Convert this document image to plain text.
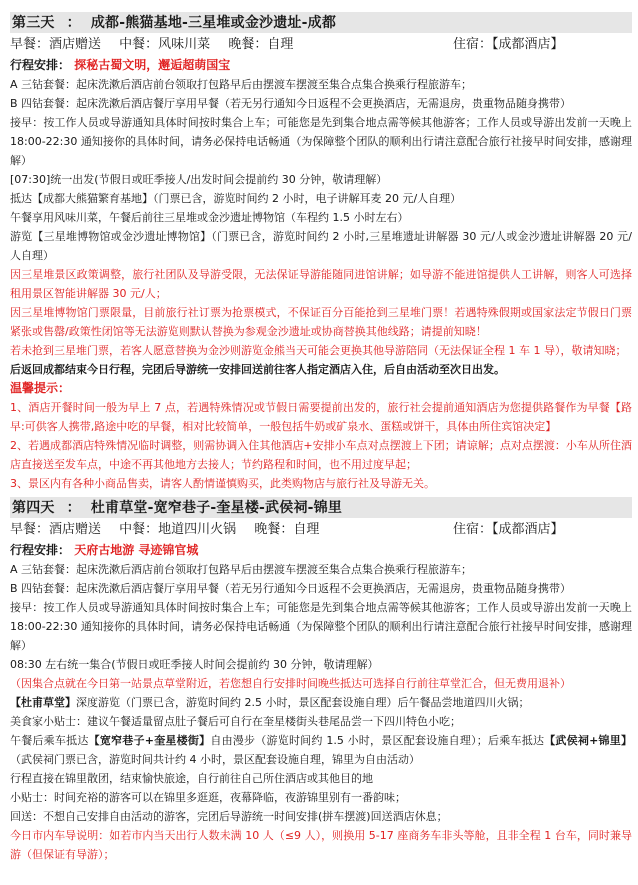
第三天 ： 成都-熊猫基地-三星堆或金沙遗址-成都
早餐：酒店赠送 中餐：风味川菜 晚餐：自理	住宿：【成都酒店】
行程安排： 探秘古蜀文明，邂逅超萌国宝
A 三钻套餐：起床洗漱后酒店前台领取打包路早后由摆渡车摆渡至集合点集合换乘行程旅游车；
B 四钻套餐：起床洗漱后酒店餐厅享用早餐（若无另行通知今日返程不会更换酒店，无需退房，贵重物品随身携带）
接早：按工作人员或导游通知具体时间按时集合上车；可能您是先到集合地点需等候其他游客；工作人员或导游出发前一天晚上 18:00-22:30 通知接你的具体时间，请务必保持电话畅通（为保障整个团队的顺利出行请注意配合旅行社接早时间安排，感谢理解）
[07:30]统一出发(节假日或旺季接人/出发时间会提前约 30 分钟，敬请理解）
抵达【成都大熊猫繁育基地】（门票已含，游览时间约 2 小时，电子讲解耳麦 20 元/人自理）
午餐享用风味川菜，午餐后前往三星堆或金沙遗址博物馆（车程约 1.5 小时左右）
游览【三星堆博物馆或金沙遗址博物馆】（门票已含，游览时间约 2 小时,三星堆遗址讲解器 30 元/人或金沙遗址讲解器 20 元/人自理）
因三星堆景区政策调整，旅行社团队及导游受限，无法保证导游能随同进馆讲解；如导游不能进馆提供人工讲解，则客人可选择租用景区智能讲解器 30 元/人；
因三星堆博物馆门票限量，目前旅行社订票为抢票模式，不保证百分百能抢到三星堆门票！若遇特殊假期或国家法定节假日门票紧张或售罄/政策性闭馆等无法游览则默认替换为参观金沙遗址或协商替换其他线路；请提前知晓！
若未抢到三星堆门票，若客人愿意替换为金沙则游览金熊当天可能会更换其他导游陪同（无法保证全程 1 车 1 导），敬请知晓；
后返回成都结束今日行程，完团后导游统一安排回送前往客人指定酒店入住，后自由活动至次日出发。
温馨提示：
1、酒店开餐时间一般为早上 7 点，若遇特殊情况或节假日需要提前出发的，旅行社会提前通知酒店为您提供路餐作为早餐【路早:可供客人携带,路途中吃的早餐，相对比较简单，一般包括牛奶或矿泉水、蛋糕或饼干，具体由所住宾馆决定】
2、若遇成都酒店特殊情况临时调整，则需协调入住其他酒店+安排小车点对点摆渡上下团；请谅解；点对点摆渡：小车从所住酒店直接送至发车点，中途不再其他地方去接人；节约路程和时间，也不用过度早起；
3、景区内有各种小商品售卖，请客人酌情谨慎购买，此类购物店与旅行社及导游无关。
第四天 ： 杜甫草堂-宽窄巷子-奎星楼-武侯祠-锦里
早餐：酒店赠送 中餐：地道四川火锅 晚餐：自理	住宿：【成都酒店】
行程安排： 天府古地游 寻迹锦官城
A 三钻套餐：起床洗漱后酒店前台领取打包路早后由摆渡车摆渡至集合点集合换乘行程旅游车；
B 四钻套餐：起床洗漱后酒店餐厅享用早餐（若无另行通知今日返程不会更换酒店，无需退房，贵重物品随身携带）
接早：按工作人员或导游通知具体时间按时集合上车；可能您是先到集合地点需等候其他游客；工作人员或导游出发前一天晚上 18:00-22:30 通知接你的具体时间，请务必保持电话畅通（为保障整个团队的顺利出行请注意配合旅行社接早时间安排，感谢理解）
08:30 左右统一集合(节假日或旺季接人时间会提前约 30 分钟，敬请理解）
（因集合点就在今日第一站景点草堂附近，若您想自行安排时间晚些抵达可选择自行前往草堂汇合，但无费用退补）
【杜甫草堂】深度游览（门票已含，游览时间约 2.5 小时，景区配套设施自理）后午餐品尝地道四川火锅；
美食家小贴士：建议午餐适量留点肚子餐后可自行在奎星楼街头巷尾品尝一下四川特色小吃；
午餐后乘车抵达【宽窄巷子+奎星楼街】自由漫步（游览时间约 1.5 小时，景区配套设施自理）；后乘车抵达【武侯祠+锦里】（武侯祠门票已含，游览时间共计约 4 小时，景区配套设施自理，锦里为自由活动）
行程直接在锦里散团，结束愉快旅途，自行前往自己所住酒店或其他目的地
小贴士：时间充裕的游客可以在锦里多逛逛，夜幕降临，夜游锦里别有一番韵味；
回送：不想自己安排自由活动的游客，完团后导游统一时间安排(拼车摆渡)回送酒店休息；
今日市内车导说明：如若市内当天出行人数未满 10 人（≤9 人），则换用 5-17 座商务车非头等舱，且非全程 1 台车，同时兼导游（但保证有导游）；
